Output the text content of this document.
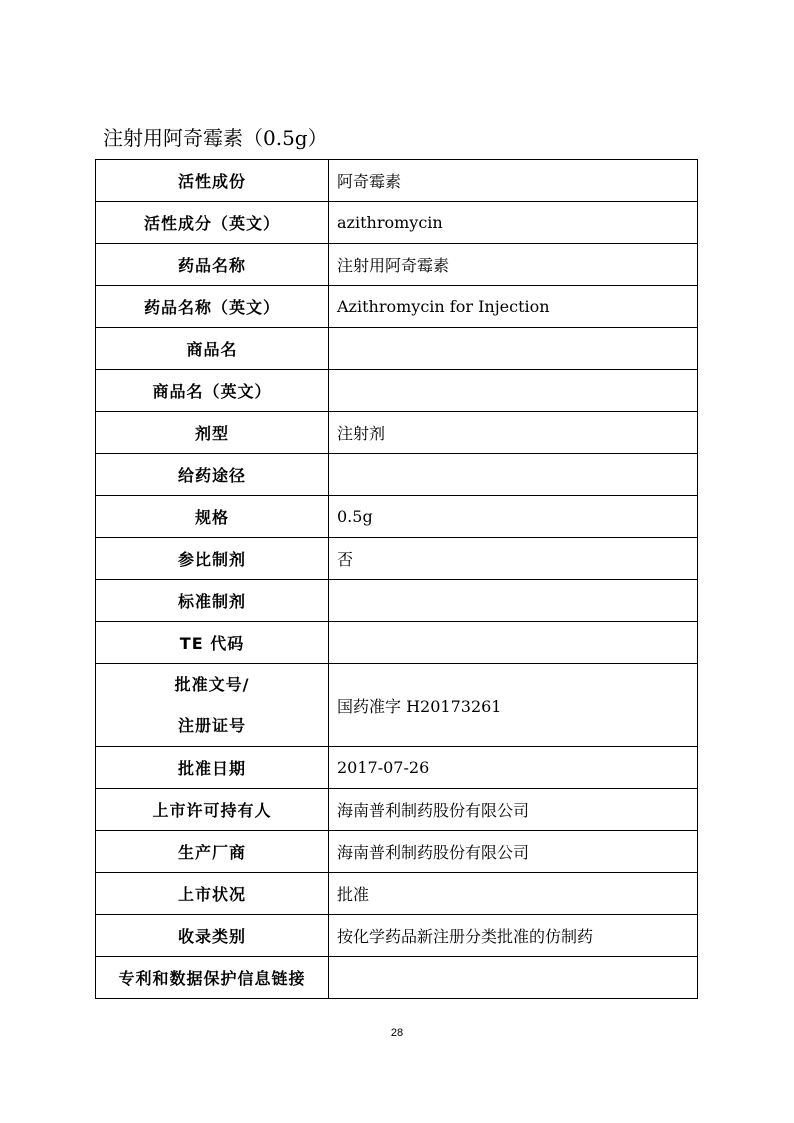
注射用阿奇霉素（0.5g）
活性成份	阿奇霉素
活性成分（英文）	azithromycin
药品名称	注射用阿奇霉素
药品名称（英文）	Azithromycin for Injection
商品名	
商品名（英文）	
剂型	注射剂
给药途径	
规格	0.5g
参比制剂	否
标准制剂	
TE 代码	

批准文号/
注册证号	国药准字 H20173261
批准日期	2017-07-26
上市许可持有人	海南普利制药股份有限公司
生产厂商	海南普利制药股份有限公司
上市状况	批准
收录类别	按化学药品新注册分类批准的仿制药
专利和数据保护信息链接	
28
